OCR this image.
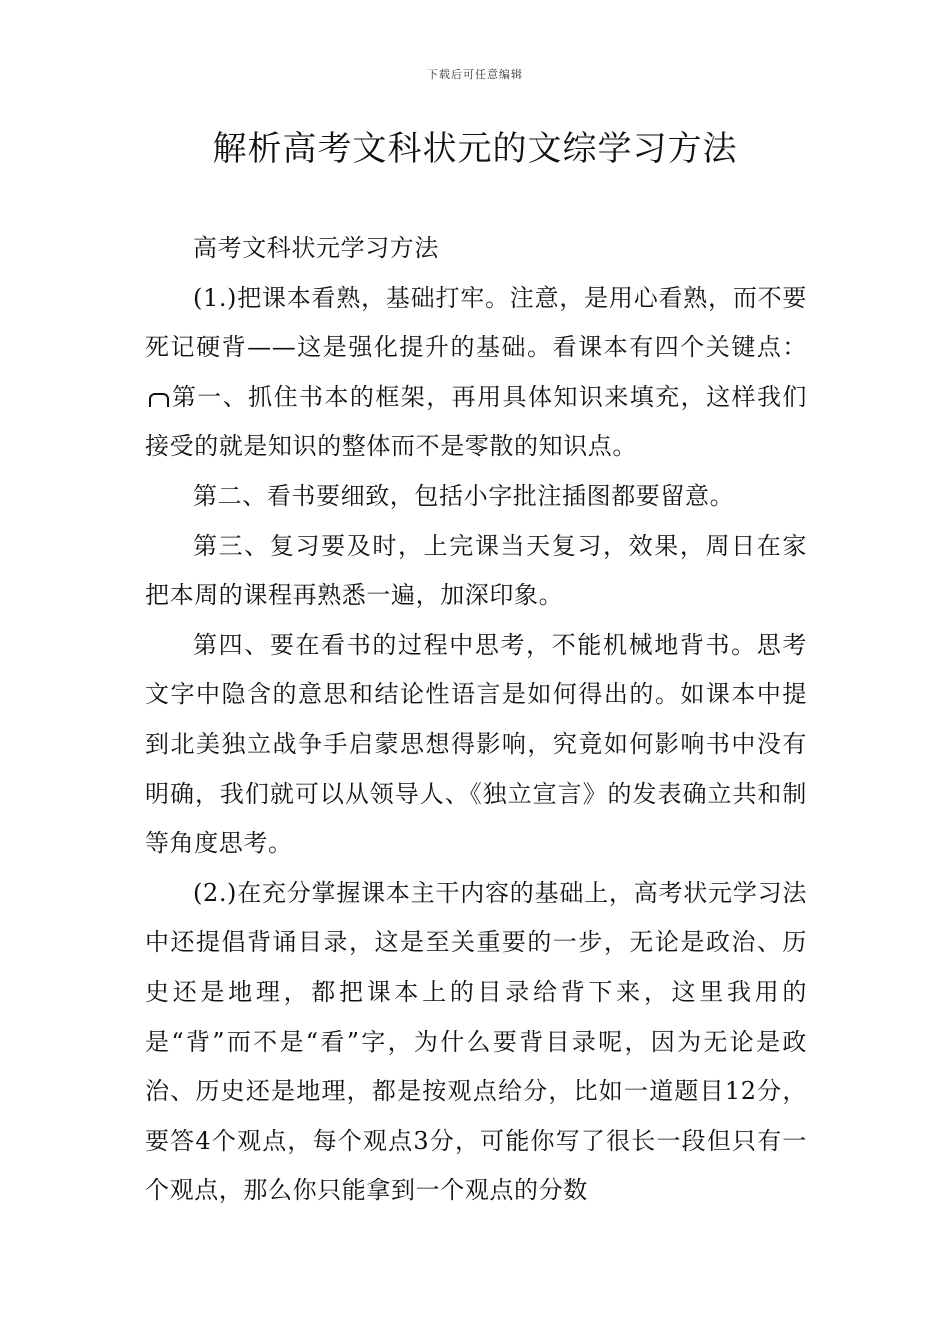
下载后可任意编辑
解析高考文科状元的文综学习方法

高考文科状元学习方法

(1.)把课本看熟，基础打牢。注意，是用心看熟，而不要死记硬背——这是强化提升的基础。看课本有四个关键点：第一、抓住书本的框架，再用具体知识来填充，这样我们接受的就是知识的整体而不是零散的知识点。

第二、看书要细致，包括小字批注插图都要留意。

第三、复习要及时，上完课当天复习，效果，周日在家把本周的课程再熟悉一遍，加深印象。

第四、要在看书的过程中思考，不能机械地背书。思考文字中隐含的意思和结论性语言是如何得出的。如课本中提到北美独立战争手启蒙思想得影响，究竟如何影响书中没有明确，我们就可以从领导人、《独立宣言》的发表确立共和制等角度思考。

(2.)在充分掌握课本主干内容的基础上，高考状元学习法中还提倡背诵目录，这是至关重要的一步，无论是政治、历史还是地理，都把课本上的目录给背下来，这里我用的是“背”而不是“看”字，为什么要背目录呢，因为无论是政治、历史还是地理，都是按观点给分，比如一道题目12分，要答4个观点，每个观点3分，可能你写了很长一段但只有一个观点，那么你只能拿到一个观点的分数
